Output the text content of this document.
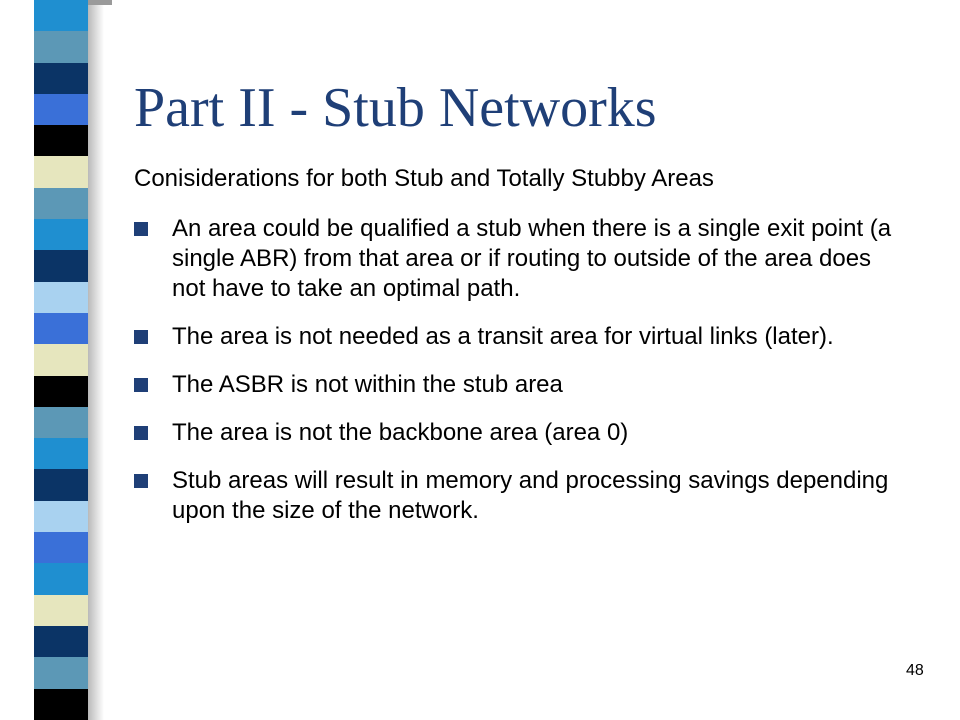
Part II - Stub Networks

Conisiderations for both Stub and Totally Stubby Areas

An area could be qualified a stub when there is a single exit point (a single ABR) from that area or if routing to outside of the area does not have to take an optimal path.
The area is not needed as a transit area for virtual links (later).
The ASBR is not within the stub area
The area is not the backbone area (area 0)
Stub areas will result in memory and processing savings depending upon the size of the network.
48
